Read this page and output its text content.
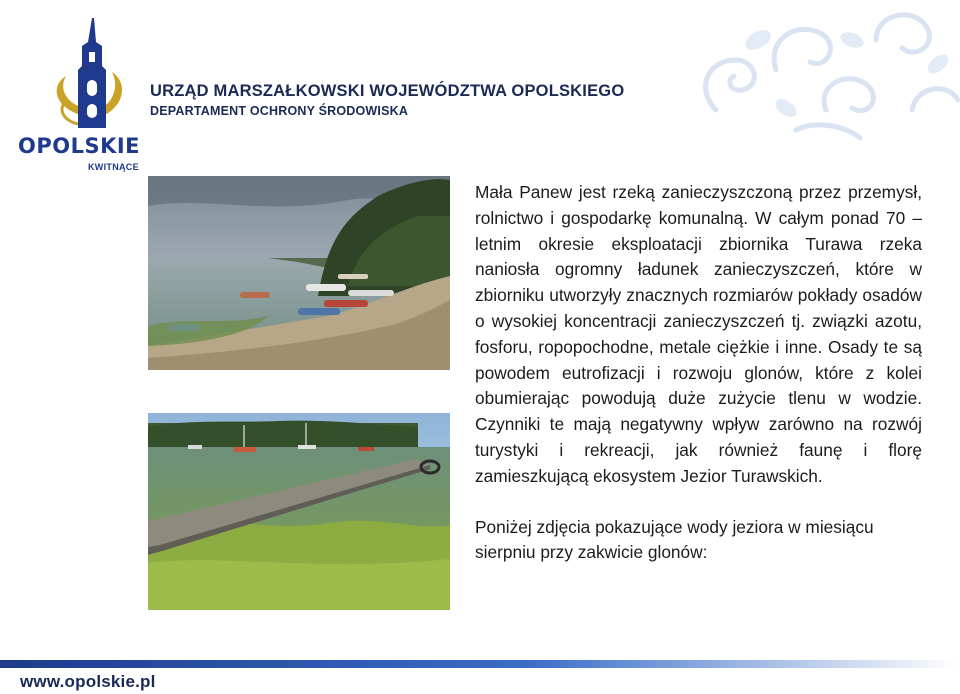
OPOLSKIE
KWITNĄCE
URZĄD MARSZAŁKOWSKI WOJEWÓDZTWA OPOLSKIEGO
DEPARTAMENT OCHRONY ŚRODOWISKA

Mała Panew jest rzeką zanieczyszczoną przez przemysł, rolnictwo i gospodarkę komunalną. W całym ponad 70 – letnim okresie eksploatacji zbiornika Turawa rzeka naniosła ogromny ładunek zanieczyszczeń, które w zbiorniku utworzyły znacznych rozmiarów pokłady osadów o wysokiej koncentracji zanieczyszczeń tj. związki azotu, fosforu, ropopochodne, metale ciężkie i inne. Osady te są powodem eutrofizacji i rozwoju glonów, które z kolei obumierając powodują duże zużycie tlenu w wodzie. Czynniki te mają negatywny wpływ zarówno na rozwój turystyki i rekreacji, jak również faunę i florę zamieszkującą ekosystem Jezior Turawskich.

Poniżej zdjęcia pokazujące wody jeziora w miesiącu sierpniu przy zakwicie glonów:

www.opolskie.pl
